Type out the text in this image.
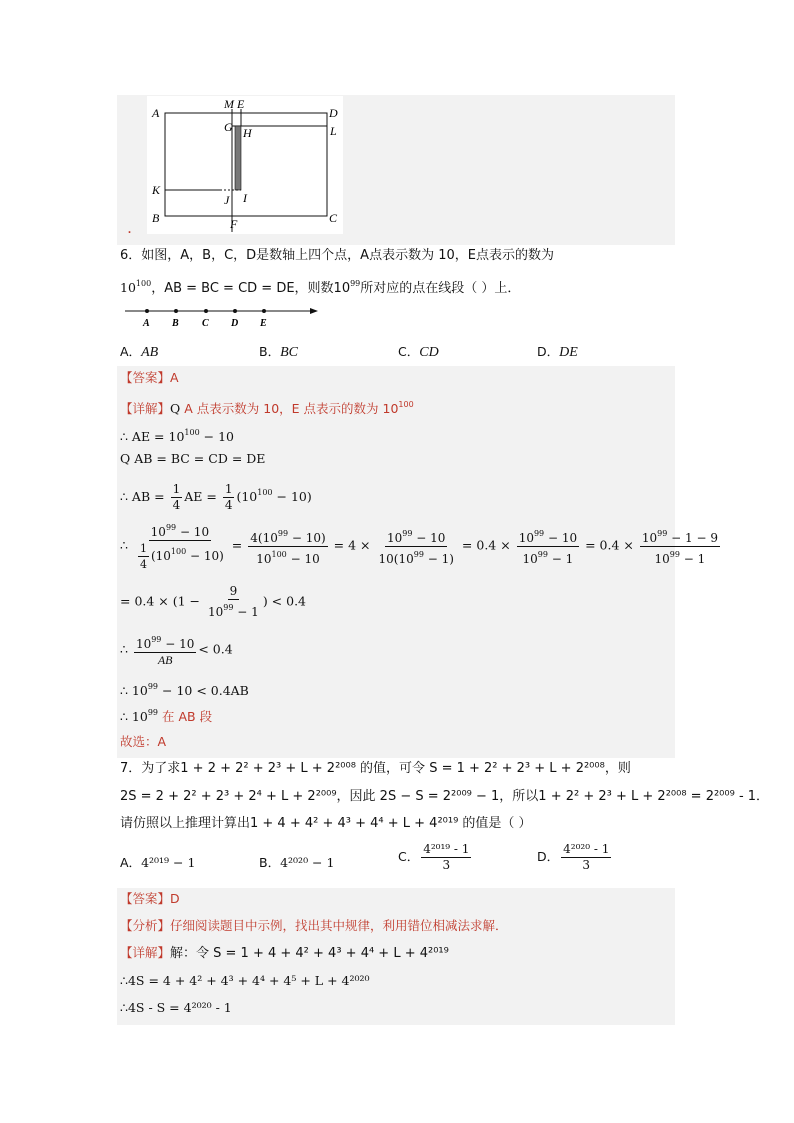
A
B	C
D
M E
G H	L
K
J I
F
.
6．如图，A，B，C，D是数轴上四个点，A点表示数为 10，E点表示的数为
$10^{100}$，AB = BC = CD = DE，则数$10^{99}$所对应的点在线段（ ）上．
A B C D E
A．AB	B．BC	C．CD	D．DE
【答案】A
【详解】Q A 点表示数为 10，E 点表示的数为 $10^{100}$
∴ AE = $10^{100} - 10$
Q AB = BC = CD = DE
∴ AB = $\frac{1}{4}$ AE = $\frac{1}{4} (10^{100} - 10)$
∴ $\frac{10^{99} - 10}{\frac{1}{4} (10^{100} - 10)} = \frac{4(10^{99} - 10)}{10^{100} - 10} = 4 \times \frac{10^{99} - 10}{10(10^{99} - 1)} = 0.4 \times \frac{10^{99} - 10}{10^{99} - 1} = 0.4 \times \frac{10^{99} - 1 - 9}{10^{99} - 1}$
= $0.4 \times (1 - \frac{9}{10^{99} - 1}$ ) < 0.4
∴ $\frac{10^{99} - 10}{AB} < 0.4$
∴ $10^{99} - 10 < 0.4AB$
∴ $10^{99}$ 在 AB 段
故选：A
7．为了求1 + 2 + 2² + 2³ + L + 2²⁰⁰⁸ 的值，可令 S = 1 + 2² + 2³ + L + 2²⁰⁰⁸，则
2S = 2 + 2² + 2³ + 2⁴ + L + 2²⁰⁰⁹，因此 2S − S = 2²⁰⁰⁹ − 1，所以1 + 2² + 2³ + L + 2²⁰⁰⁸ = 2²⁰⁰⁹ - 1．
请仿照以上推理计算出1 + 4 + 4² + 4³ + 4⁴ + L + 4²⁰¹⁹ 的值是（ ）
A．4²⁰¹⁹ − 1	B．4²⁰²⁰ − 1	C． $\frac{\text{4²⁰¹⁹ - 1}}{3}$	D． $\frac{\text{4²⁰²⁰ - 1}}{3}$
【答案】D
【分析】仔细阅读题目中示例，找出其中规律，利用错位相减法求解．
【详解】解：令 S = 1 + 4 + 4² + 4³ + 4⁴ + L + 4²⁰¹⁹
∴4S = 4 + 4² + 4³ + 4⁴ + 4⁵ + L + 4²⁰²⁰
∴4S - S = 4²⁰²⁰ - 1
